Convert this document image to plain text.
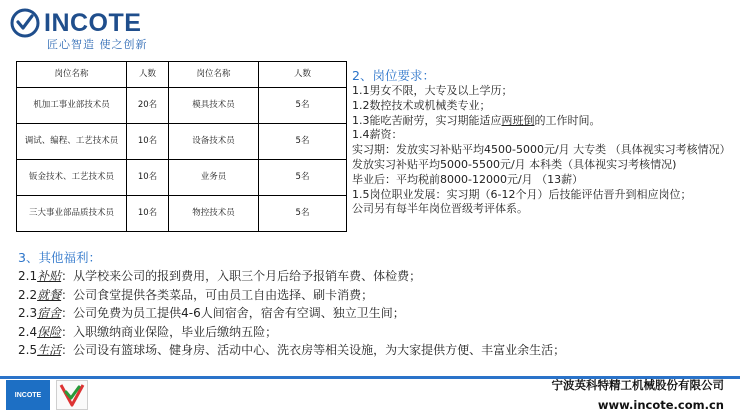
INCOTE
匠心智造 使之创新
岗位名称	人数	岗位名称	人数
机加工事业部技术员	20名	模具技术员	5名
调试、编程、工艺技术员	10名	设备技术员	5名
钣金技术、工艺技术员	10名	业务员	5名
三大事业部品质技术员	10名	物控技术员	5名
2、岗位要求：
1.1男女不限，大专及以上学历；
1.2数控技术或机械类专业；
1.3能吃苦耐劳，实习期能适应两班倒的工作时间。
1.4薪资：
实习期：发放实习补贴平均4500-5000元/月 大专类 （具体视实习考核情况）
发放实习补贴平均5000-5500元/月 本科类（具体视实习考核情况)
毕业后：平均税前8000-12000元/月 （13薪）
1.5岗位职业发展：实习期（6-12个月）后技能评估晋升到相应岗位；
公司另有每半年岗位晋级考评体系。
3、其他福利：
2.1补贴：从学校来公司的报到费用，入职三个月后给予报销车费、体检费；
2.2就餐：公司食堂提供各类菜品，可由员工自由选择、刷卡消费；
2.3宿舍：公司免费为员工提供4-6人间宿舍，宿舍有空调、独立卫生间；
2.4保险：入职缴纳商业保险，毕业后缴纳五险；
2.5生活：公司设有篮球场、健身房、活动中心、洗衣房等相关设施，为大家提供方便、丰富业余生活；
INCOTE
宁波英科特精工机械股份有限公司
www.incote.com.cn
